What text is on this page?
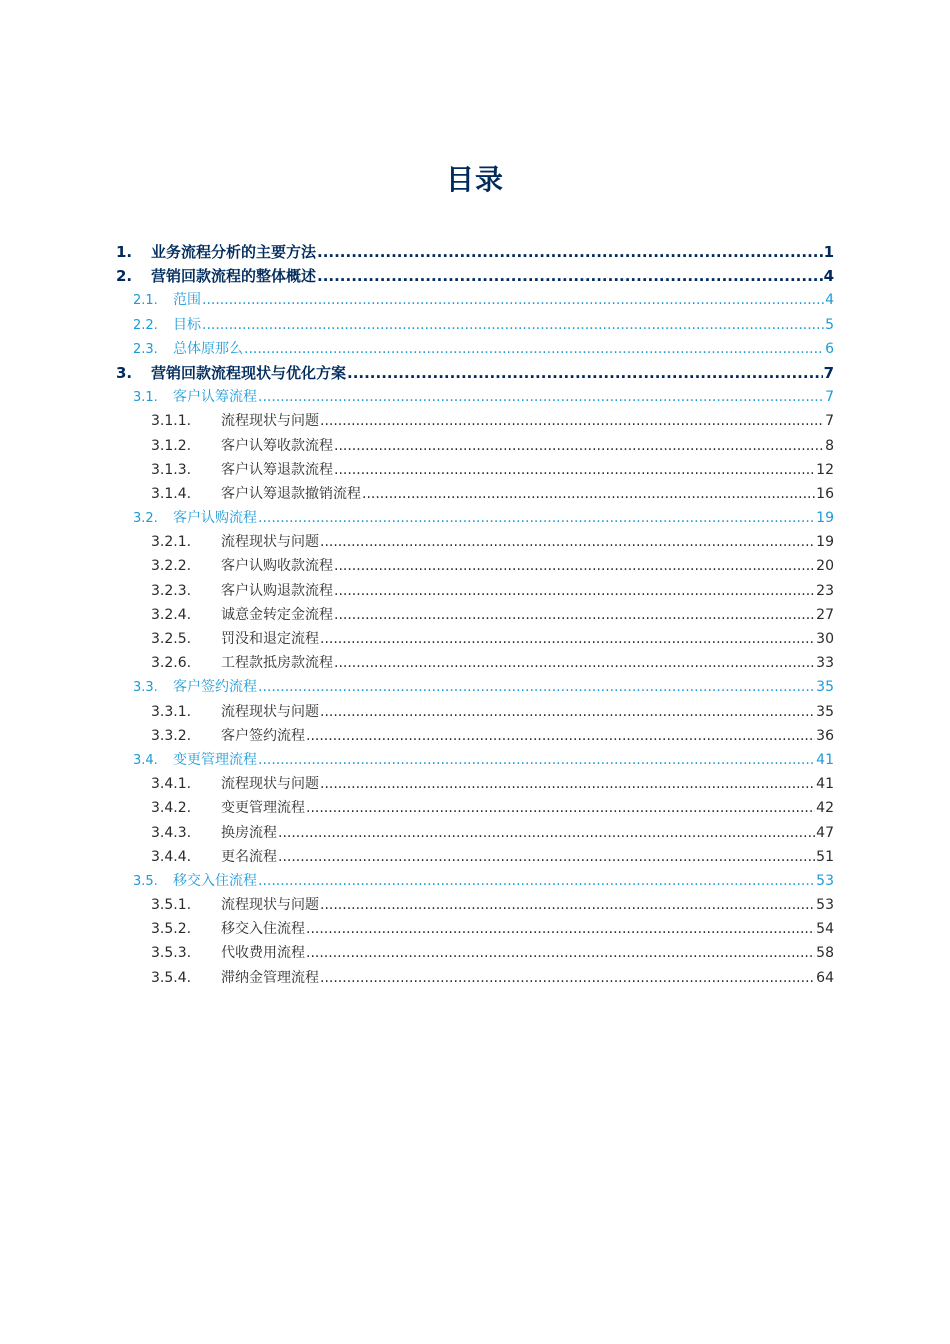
目录
1.	业务流程分析的主要方法 .....	1
2.	营销回款流程的整体概述 .....	4
2.1.	范围 .....	4
2.2.	目标 .....	5
2.3.	总体原那么 .....	6
3.	营销回款流程现状与优化方案 .....	7
3.1.	客户认筹流程 .....	7
3.1.1.	流程现状与问题 .....	7
3.1.2.	客户认筹收款流程 .....	8
3.1.3.	客户认筹退款流程 .....	12
3.1.4.	客户认筹退款撤销流程 .....	16
3.2.	客户认购流程 .....	19
3.2.1.	流程现状与问题 .....	19
3.2.2.	客户认购收款流程 .....	20
3.2.3.	客户认购退款流程 .....	23
3.2.4.	诚意金转定金流程 .....	27
3.2.5.	罚没和退定流程 .....	30
3.2.6.	工程款抵房款流程 .....	33
3.3.	客户签约流程 .....	35
3.3.1.	流程现状与问题 .....	35
3.3.2.	客户签约流程 .....	36
3.4.	变更管理流程 .....	41
3.4.1.	流程现状与问题 .....	41
3.4.2.	变更管理流程 .....	42
3.4.3.	换房流程 .....	47
3.4.4.	更名流程 .....	51
3.5.	移交入住流程 .....	53
3.5.1.	流程现状与问题 .....	53
3.5.2.	移交入住流程 .....	54
3.5.3.	代收费用流程 .....	58
3.5.4.	滞纳金管理流程 .....	64
